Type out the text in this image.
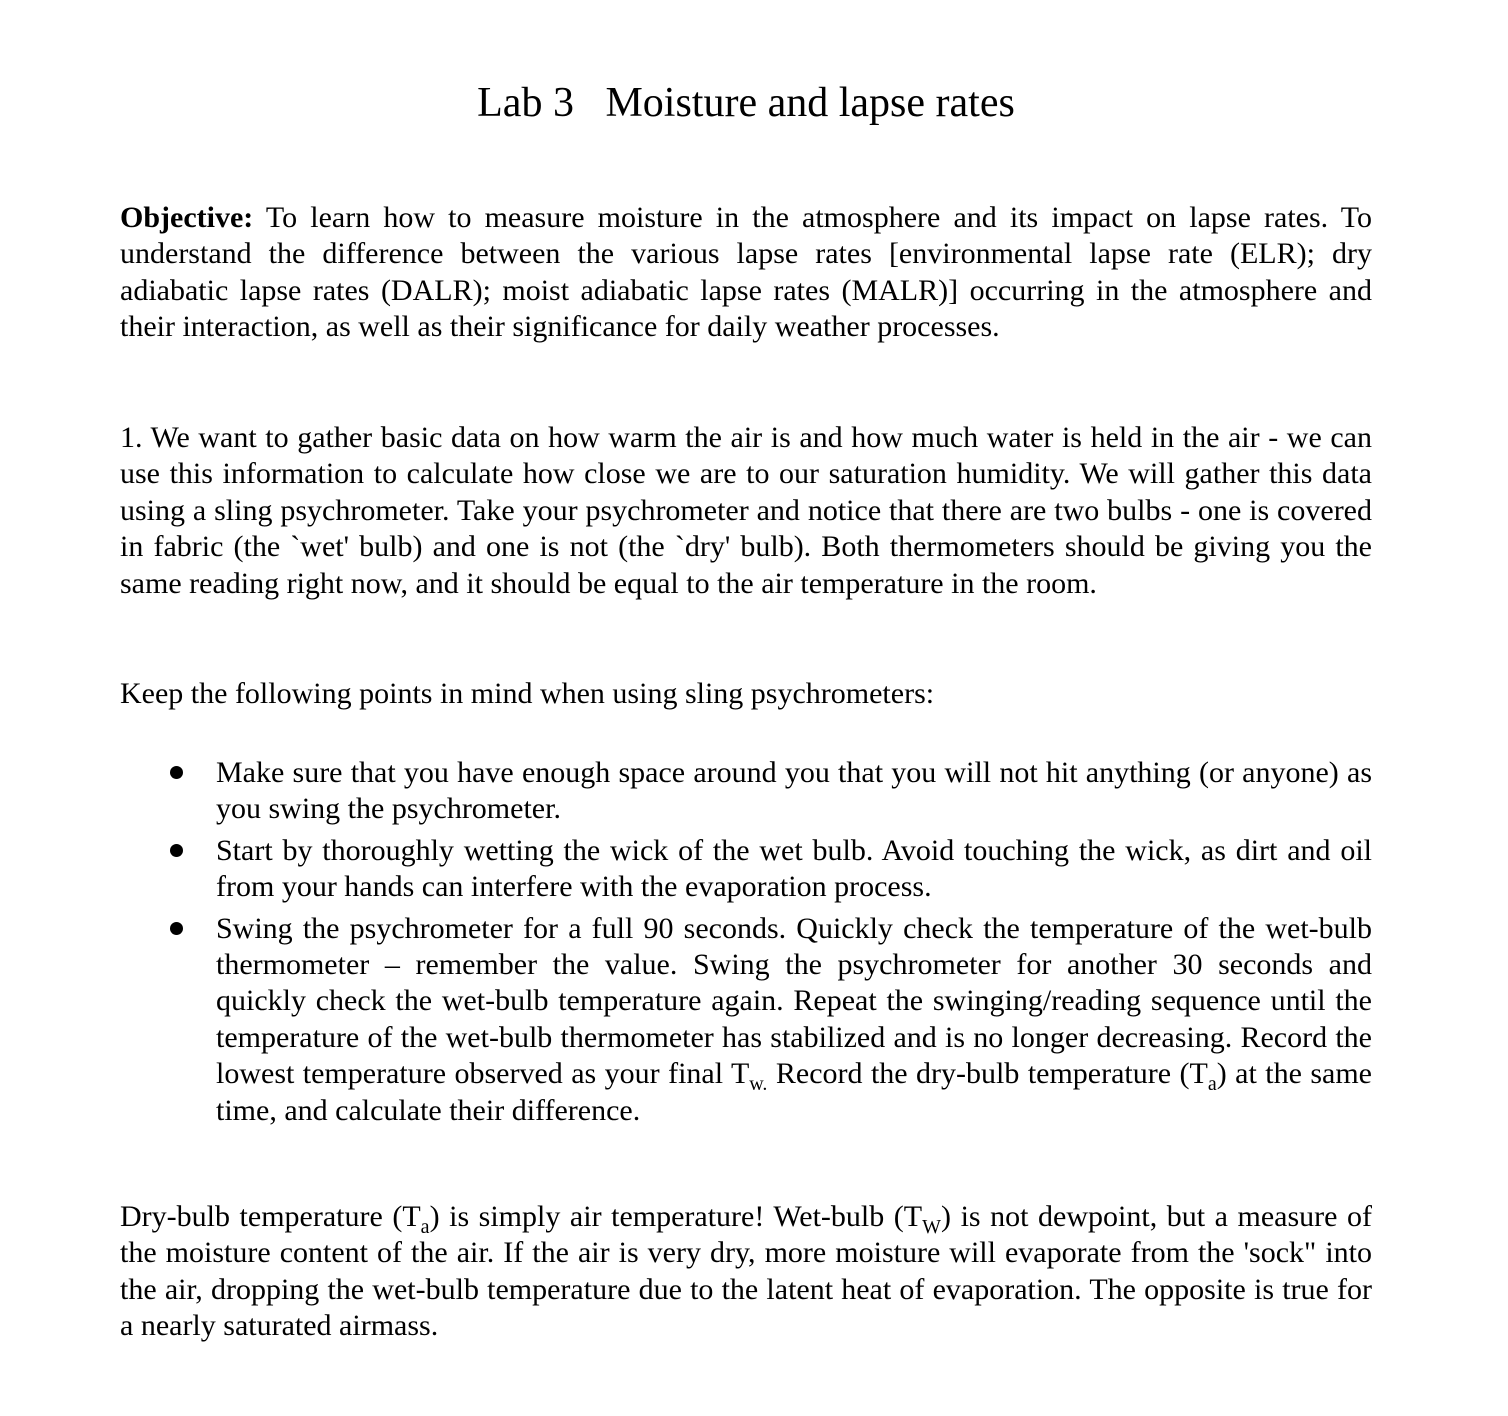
Lab 3   Moisture and lapse rates
Objective: To learn how to measure moisture in the atmosphere and its impact on lapse rates. To understand the difference between the various lapse rates [environmental lapse rate (ELR); dry adiabatic lapse rates (DALR); moist adiabatic lapse rates (MALR)] occurring in the atmosphere and their interaction, as well as their significance for daily weather processes.
1. We want to gather basic data on how warm the air is and how much water is held in the air - we can use this information to calculate how close we are to our saturation humidity. We will gather this data using a sling psychrometer. Take your psychrometer and notice that there are two bulbs - one is covered in fabric (the `wet' bulb) and one is not (the `dry' bulb). Both thermometers should be giving you the same reading right now, and it should be equal to the air temperature in the room.
Keep the following points in mind when using sling psychrometers:
Make sure that you have enough space around you that you will not hit anything (or anyone) as you swing the psychrometer.
Start by thoroughly wetting the wick of the wet bulb. Avoid touching the wick, as dirt and oil from your hands can interfere with the evaporation process.
Swing the psychrometer for a full 90 seconds. Quickly check the temperature of the wet-bulb thermometer – remember the value. Swing the psychrometer for another 30 seconds and quickly check the wet-bulb temperature again. Repeat the swinging/reading sequence until the temperature of the wet-bulb thermometer has stabilized and is no longer decreasing. Record the lowest temperature observed as your final $T_{w.}$ Record the dry-bulb temperature $(T_a)$ at the same time, and calculate their difference.
Dry-bulb temperature $(T_a)$ is simply air temperature! Wet-bulb $(T_W)$ is not dewpoint, but a measure of the moisture content of the air. If the air is very dry, more moisture will evaporate from the 'sock" into the air, dropping the wet-bulb temperature due to the latent heat of evaporation. The opposite is true for a nearly saturated airmass.
